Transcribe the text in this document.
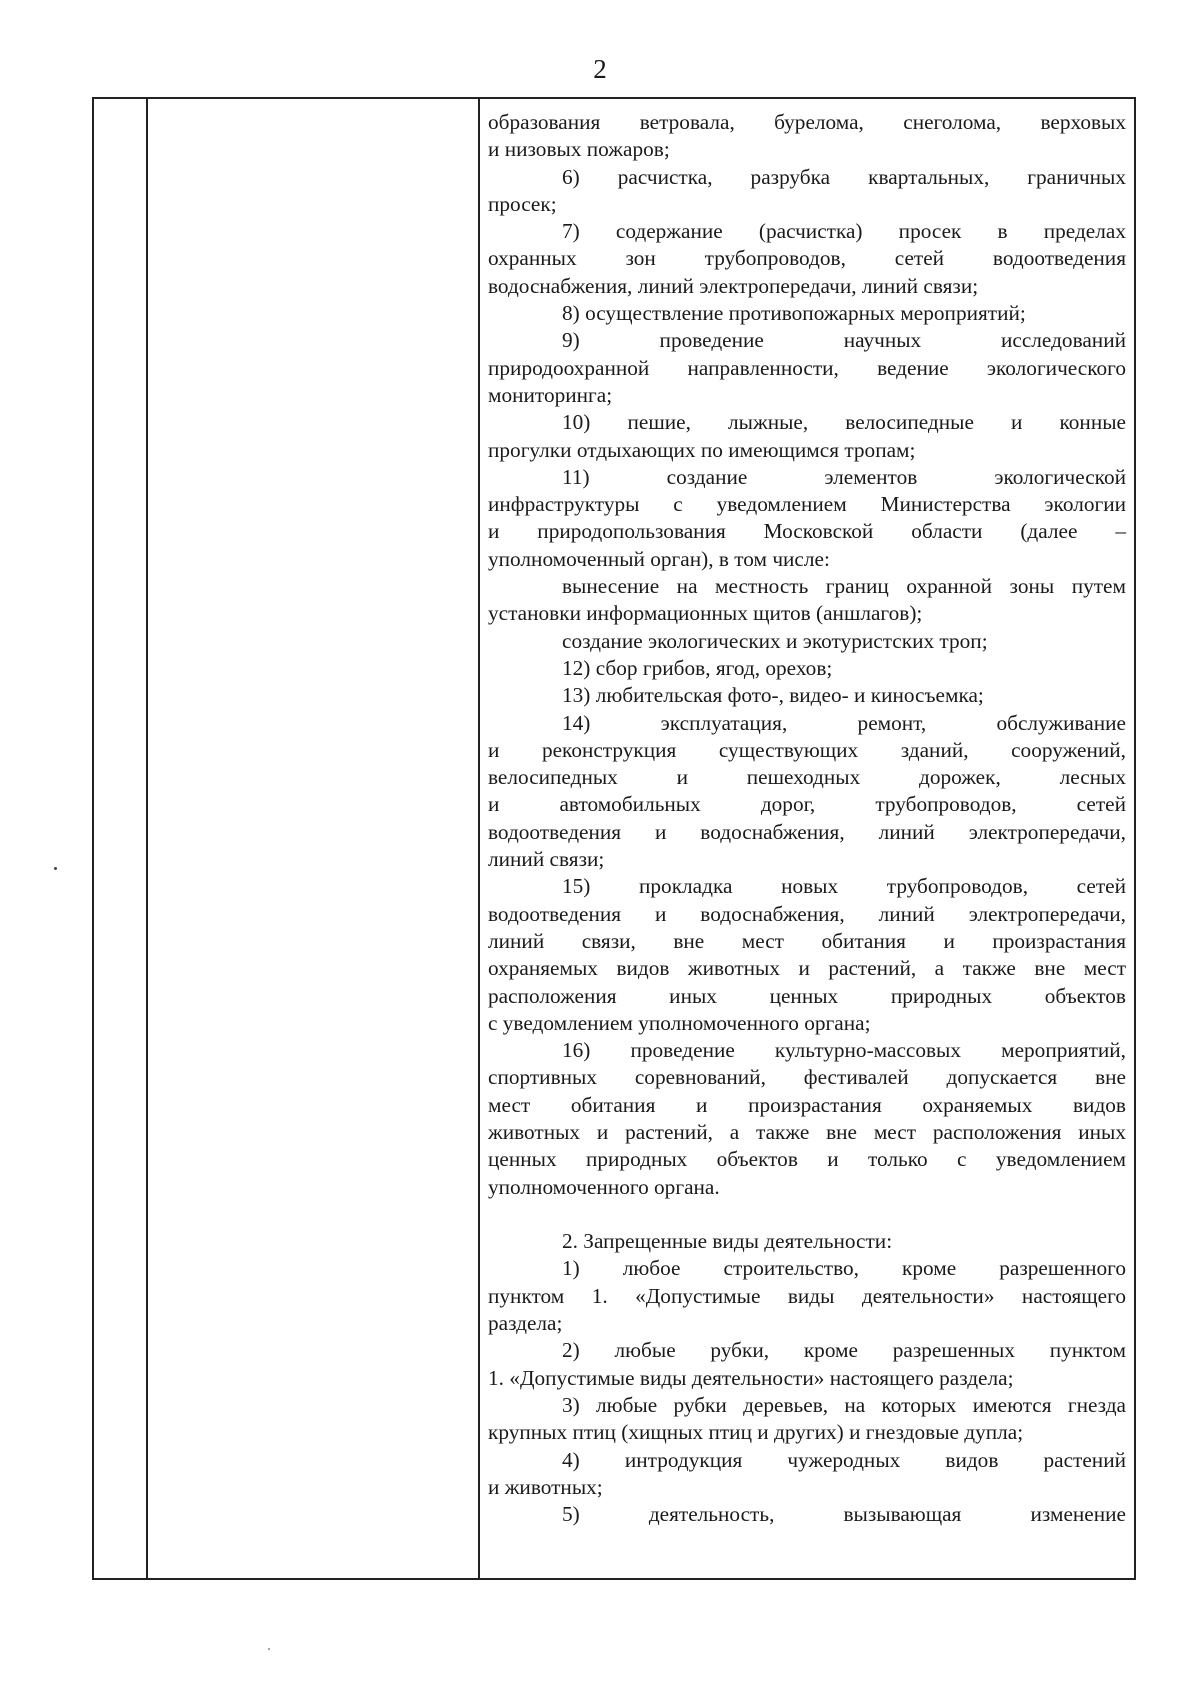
2
образования ветровала, бурелома, снеголома, верховых
и низовых пожаров;
6) расчистка, разрубка квартальных, граничных
просек;
7) содержание (расчистка) просек в пределах
охранных зон трубопроводов, сетей водоотведения
водоснабжения, линий электропередачи, линий связи;
8) осуществление противопожарных мероприятий;
9) проведение научных исследований
природоохранной направленности, ведение экологического
мониторинга;
10) пешие, лыжные, велосипедные и конные
прогулки отдыхающих по имеющимся тропам;
11) создание элементов экологической
инфраструктуры с уведомлением Министерства экологии
и природопользования Московской области (далее –
уполномоченный орган), в том числе:
вынесение на местность границ охранной зоны путем
установки информационных щитов (аншлагов);
создание экологических и экотуристских троп;
12) сбор грибов, ягод, орехов;
13) любительская фото-, видео- и киносъемка;
14) эксплуатация, ремонт, обслуживание
и реконструкция существующих зданий, сооружений,
велосипедных и пешеходных дорожек, лесных
и автомобильных дорог, трубопроводов, сетей
водоотведения и водоснабжения, линий электропередачи,
линий связи;
15) прокладка новых трубопроводов, сетей
водоотведения и водоснабжения, линий электропередачи,
линий связи, вне мест обитания и произрастания
охраняемых видов животных и растений, а также вне мест
расположения иных ценных природных объектов
с уведомлением уполномоченного органа;
16) проведение культурно-массовых мероприятий,
спортивных соревнований, фестивалей допускается вне
мест обитания и произрастания охраняемых видов
животных и растений, а также вне мест расположения иных
ценных природных объектов и только с уведомлением
уполномоченного органа.
2. Запрещенные виды деятельности:
1) любое строительство, кроме разрешенного
пунктом 1. «Допустимые виды деятельности» настоящего
раздела;
2) любые рубки, кроме разрешенных пунктом
1. «Допустимые виды деятельности» настоящего раздела;
3) любые рубки деревьев, на которых имеются гнезда
крупных птиц (хищных птиц и других) и гнездовые дупла;
4) интродукция чужеродных видов растений
и животных;
5) деятельность, вызывающая изменение
